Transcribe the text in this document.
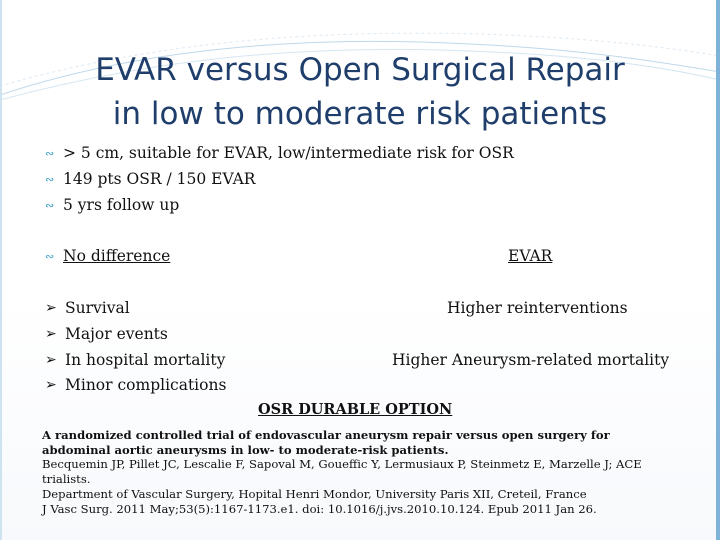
EVAR versus Open Surgical Repair
in low to moderate risk patients
∾ > 5 cm, suitable for EVAR, low/intermediate risk for OSR
∾ 149 pts OSR / 150 EVAR
∾ 5 yrs follow up
∾ No difference	EVAR
➢ Survival
➢ Major events
➢ In hospital mortality
➢ Minor complications
Higher reinterventions
Higher Aneurysm-related mortality
OSR DURABLE OPTION
A randomized controlled trial of endovascular aneurysm repair versus open surgery for
abdominal aortic aneurysms in low- to moderate-risk patients.
Becquemin JP, Pillet JC, Lescalie F, Sapoval M, Goueffic Y, Lermusiaux P, Steinmetz E, Marzelle J; ACE
trialists.
Department of Vascular Surgery, Hopital Henri Mondor, University Paris XII, Creteil, France
J Vasc Surg. 2011 May;53(5):1167-1173.e1. doi: 10.1016/j.jvs.2010.10.124. Epub 2011 Jan 26.
